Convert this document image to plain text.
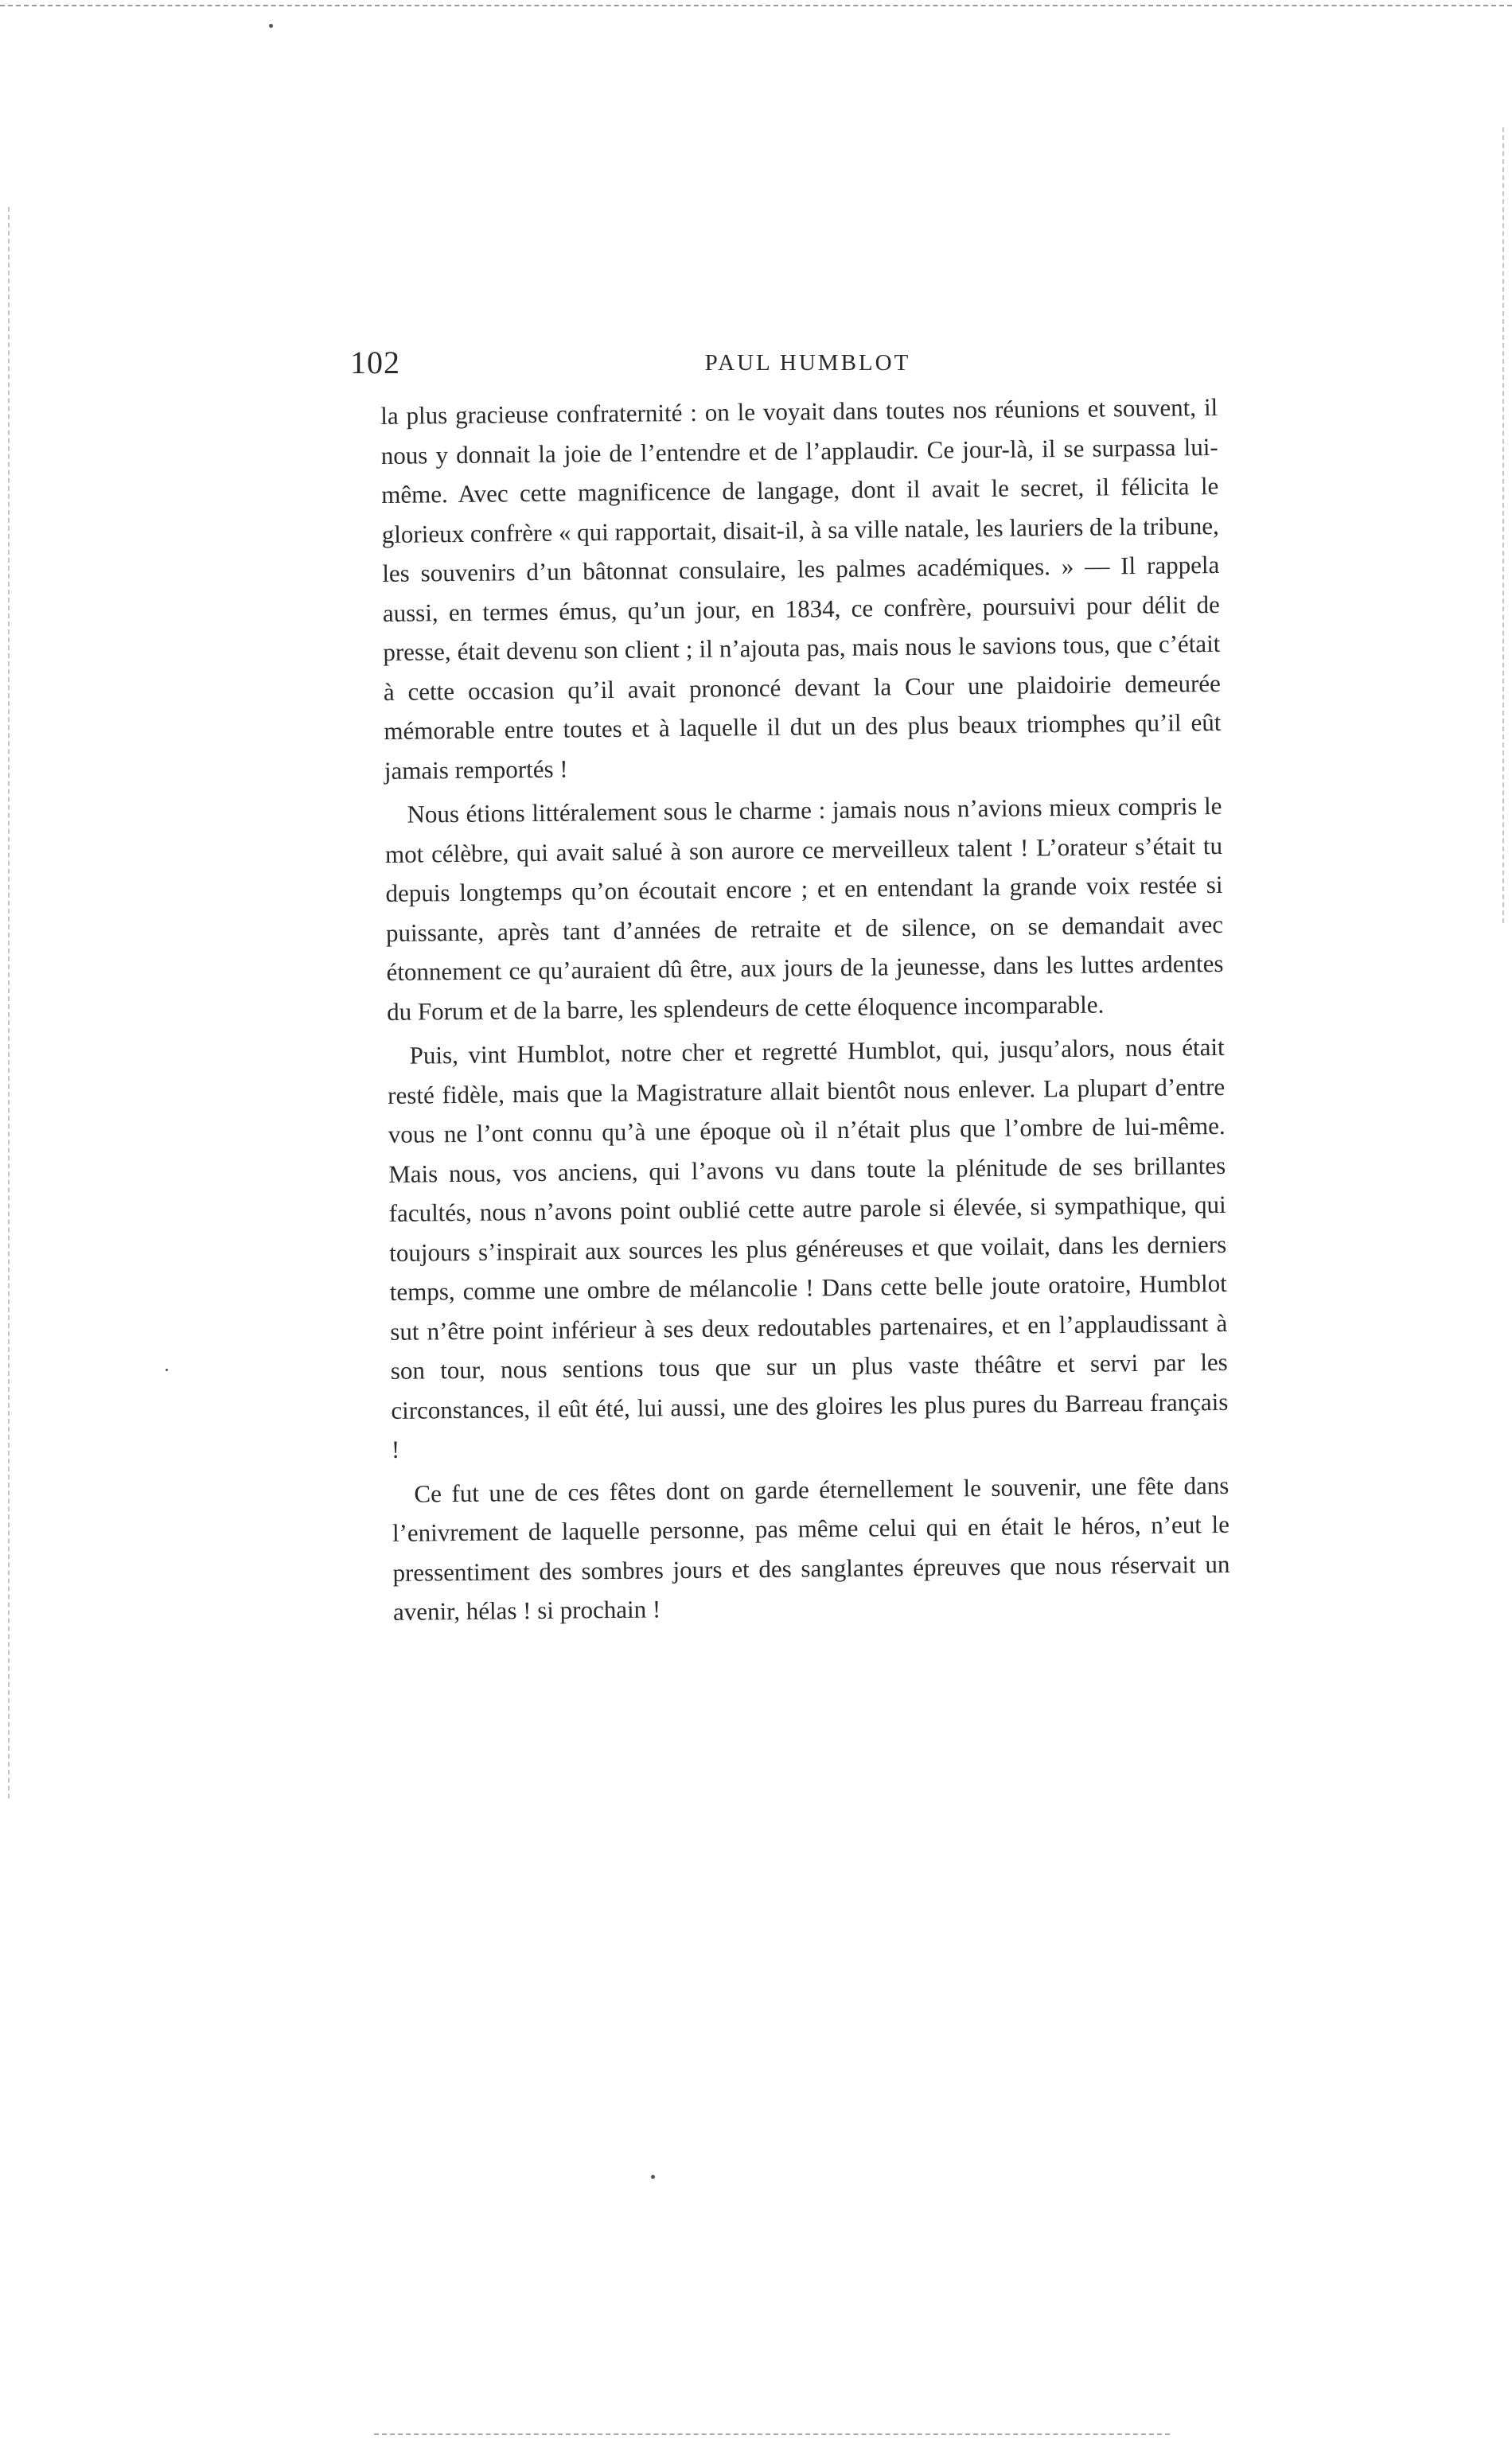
102	PAUL HUMBLOT

la plus gracieuse confraternité : on le voyait dans toutes nos réunions et souvent, il nous y donnait la joie de l’entendre et de l’applaudir. Ce jour-là, il se surpassa lui-même. Avec cette magnificence de langage, dont il avait le secret, il félicita le glorieux confrère « qui rapportait, disait-il, à sa ville natale, les lauriers de la tribune, les souvenirs d’un bâtonnat consulaire, les palmes académiques. » — Il rappela aussi, en termes émus, qu’un jour, en 1834, ce confrère, poursuivi pour délit de presse, était devenu son client ; il n’ajouta pas, mais nous le savions tous, que c’était à cette occasion qu’il avait prononcé devant la Cour une plaidoirie demeurée mémorable entre toutes et à laquelle il dut un des plus beaux triomphes qu’il eût jamais remportés !

Nous étions littéralement sous le charme : jamais nous n’avions mieux compris le mot célèbre, qui avait salué à son aurore ce merveilleux talent ! L’orateur s’était tu depuis longtemps qu’on écoutait encore ; et en entendant la grande voix restée si puissante, après tant d’années de retraite et de silence, on se demandait avec étonnement ce qu’auraient dû être, aux jours de la jeunesse, dans les luttes ardentes du Forum et de la barre, les splendeurs de cette éloquence incomparable.

Puis, vint Humblot, notre cher et regretté Humblot, qui, jusqu’alors, nous était resté fidèle, mais que la Magistrature allait bientôt nous enlever. La plupart d’entre vous ne l’ont connu qu’à une époque où il n’était plus que l’ombre de lui-même. Mais nous, vos anciens, qui l’avons vu dans toute la plénitude de ses brillantes facultés, nous n’avons point oublié cette autre parole si élevée, si sympathique, qui toujours s’inspirait aux sources les plus généreuses et que voilait, dans les derniers temps, comme une ombre de mélancolie ! Dans cette belle joute oratoire, Humblot sut n’être point inférieur à ses deux redoutables partenaires, et en l’applaudissant à son tour, nous sentions tous que sur un plus vaste théâtre et servi par les circonstances, il eût été, lui aussi, une des gloires les plus pures du Barreau français !

Ce fut une de ces fêtes dont on garde éternellement le souvenir, une fête dans l’enivrement de laquelle personne, pas même celui qui en était le héros, n’eut le pressentiment des sombres jours et des sanglantes épreuves que nous réservait un avenir, hélas ! si prochain !
